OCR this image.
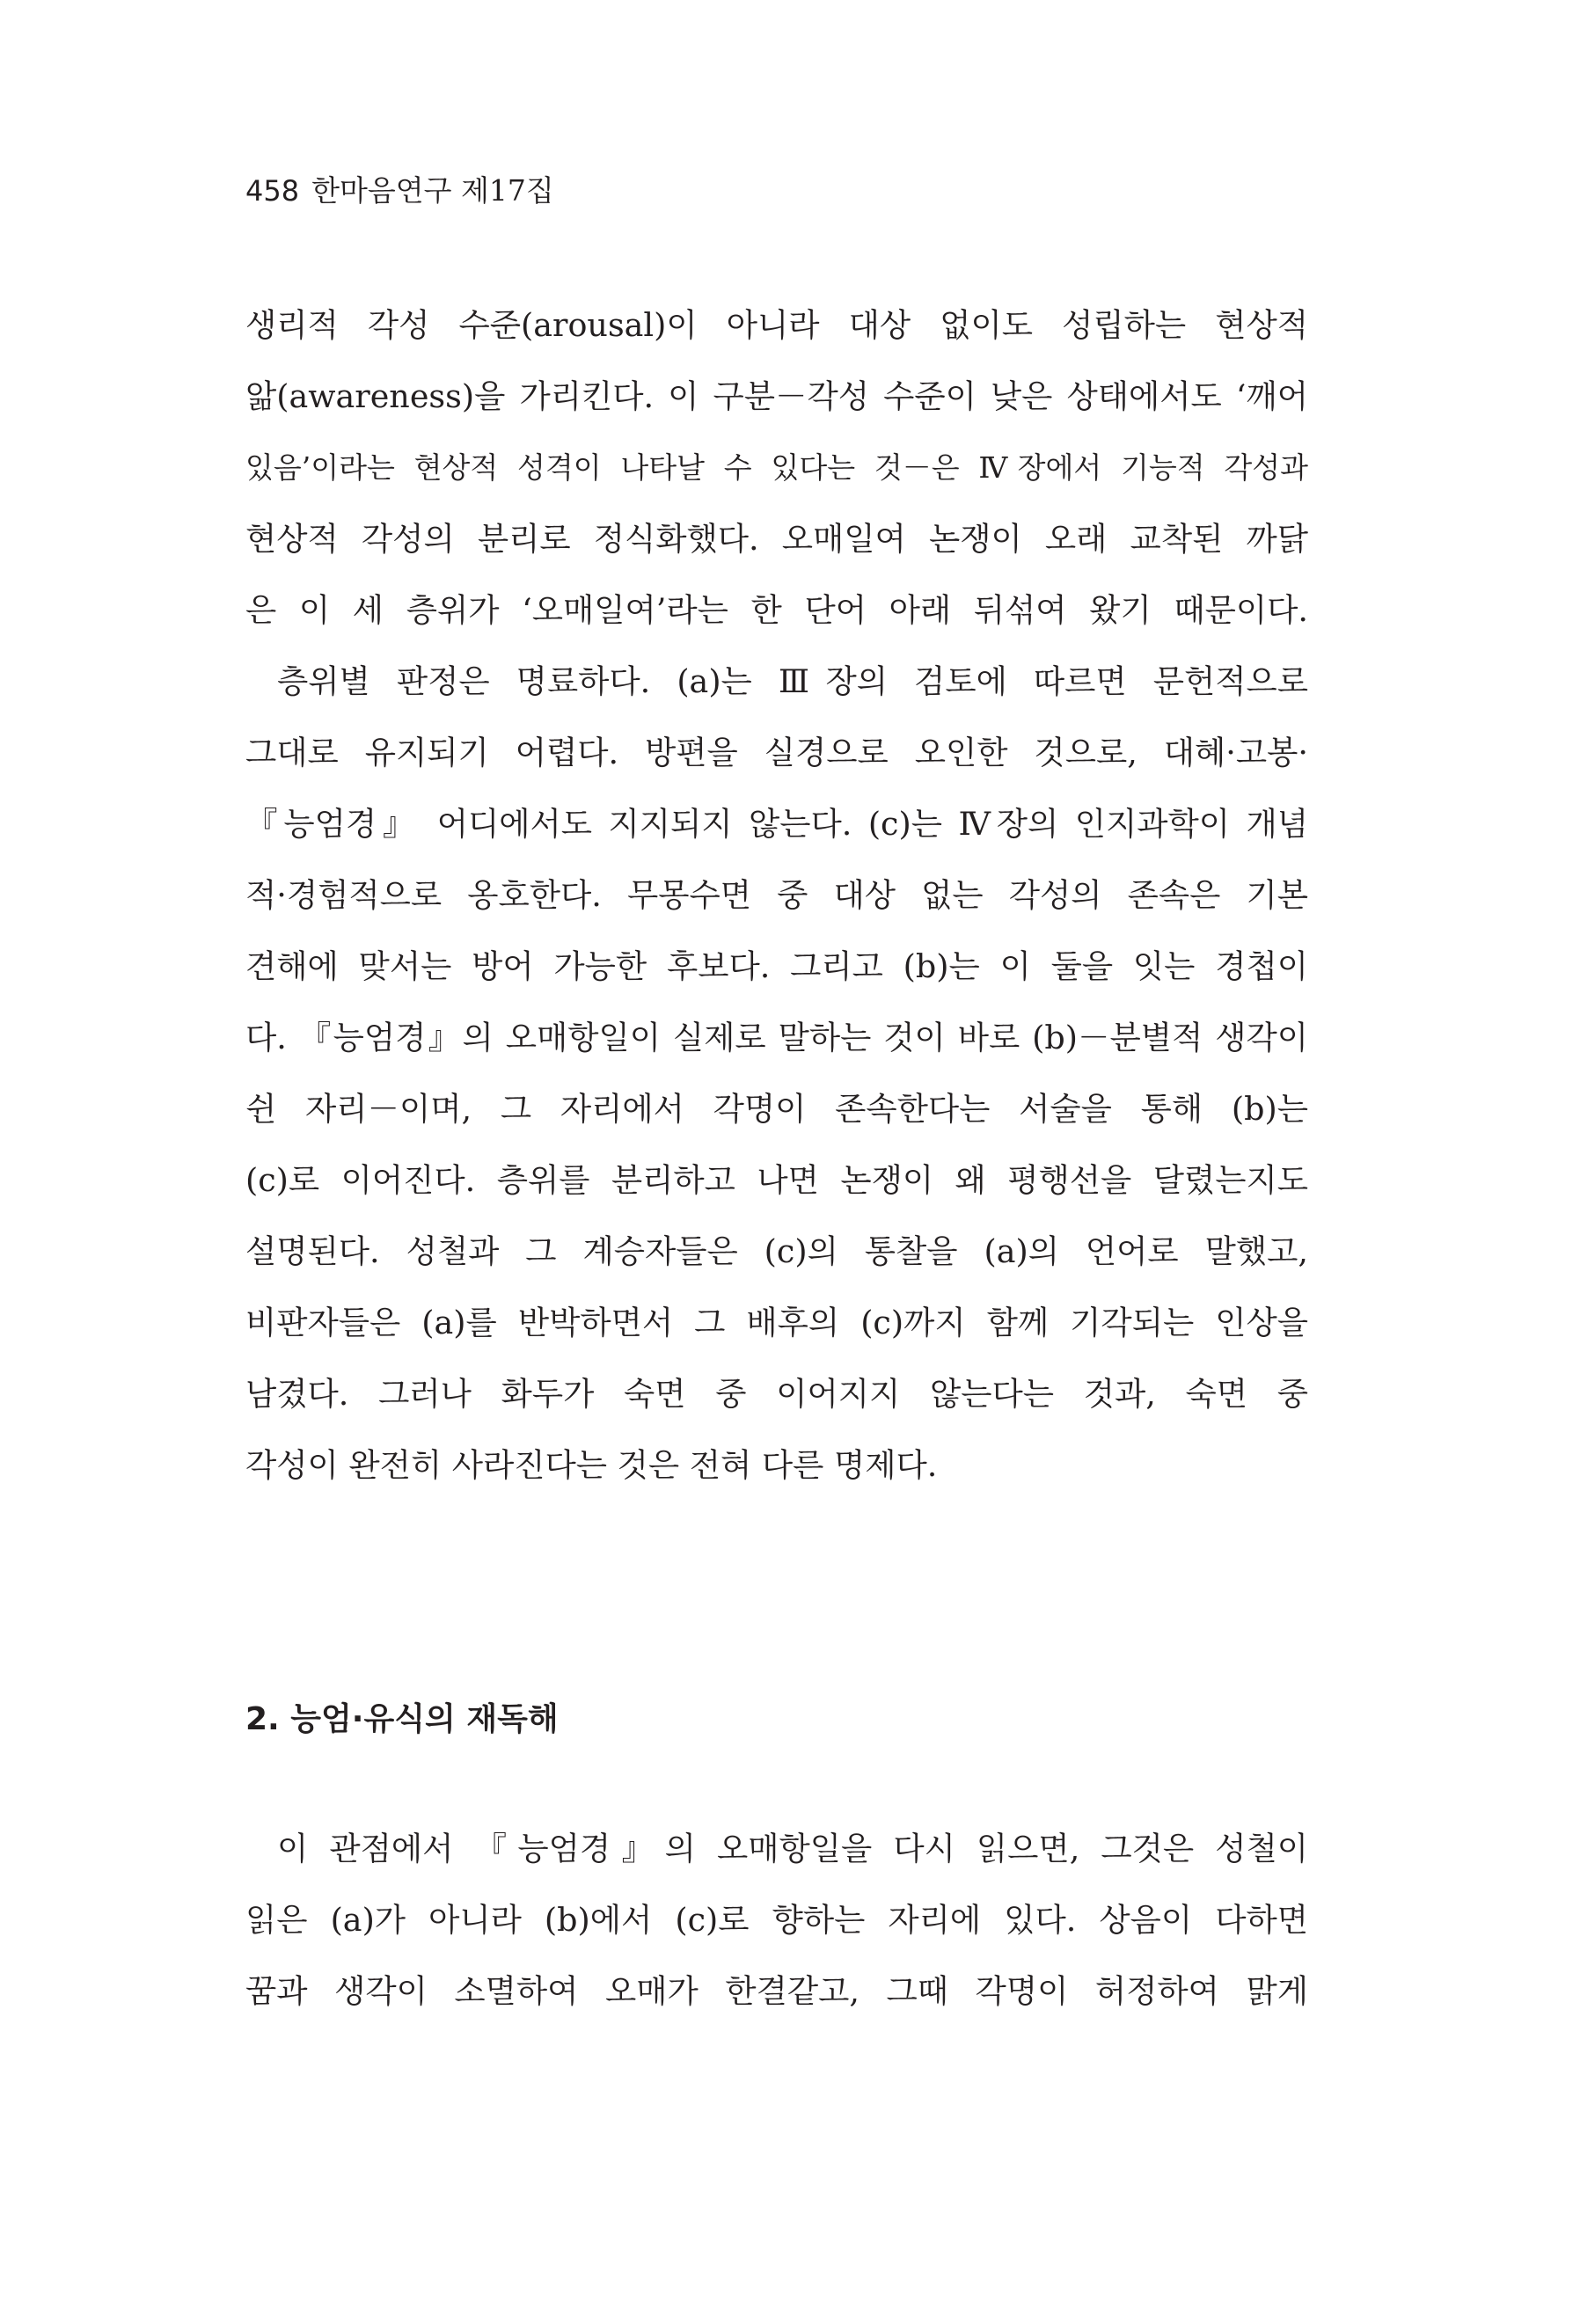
458 한마음연구 제17집
생리적 각성 수준(arousal)이 아니라 대상 없이도 성립하는 현상적
앎(awareness)을 가리킨다. 이 구분－각성 수준이 낮은 상태에서도 ‘깨어
있음’이라는 현상적 성격이 나타날 수 있다는 것－은 Ⅳ장에서 기능적 각성과
현상적 각성의 분리로 정식화했다. 오매일여 논쟁이 오래 교착된 까닭
은 이 세 층위가 ‘오매일여’라는 한 단어 아래 뒤섞여 왔기 때문이다.
층위별 판정은 명료하다. (a)는 Ⅲ장의 검토에 따르면 문헌적으로
그대로 유지되기 어렵다. 방편을 실경으로 오인한 것으로, 대혜·고봉·
『능엄경』 어디에서도 지지되지 않는다. (c)는 Ⅳ장의 인지과학이 개념
적·경험적으로 옹호한다. 무몽수면 중 대상 없는 각성의 존속은 기본
견해에 맞서는 방어 가능한 후보다. 그리고 (b)는 이 둘을 잇는 경첩이
다. 『능엄경』의 오매항일이 실제로 말하는 것이 바로 (b)－분별적 생각이
쉰 자리－이며, 그 자리에서 각명이 존속한다는 서술을 통해 (b)는
(c)로 이어진다. 층위를 분리하고 나면 논쟁이 왜 평행선을 달렸는지도
설명된다. 성철과 그 계승자들은 (c)의 통찰을 (a)의 언어로 말했고,
비판자들은 (a)를 반박하면서 그 배후의 (c)까지 함께 기각되는 인상을
남겼다. 그러나 화두가 숙면 중 이어지지 않는다는 것과, 숙면 중
각성이 완전히 사라진다는 것은 전혀 다른 명제다.
2. 능엄·유식의 재독해
이 관점에서 『능엄경』의 오매항일을 다시 읽으면, 그것은 성철이
읽은 (a)가 아니라 (b)에서 (c)로 향하는 자리에 있다. 상음이 다하면
꿈과 생각이 소멸하여 오매가 한결같고, 그때 각명이 허정하여 맑게
